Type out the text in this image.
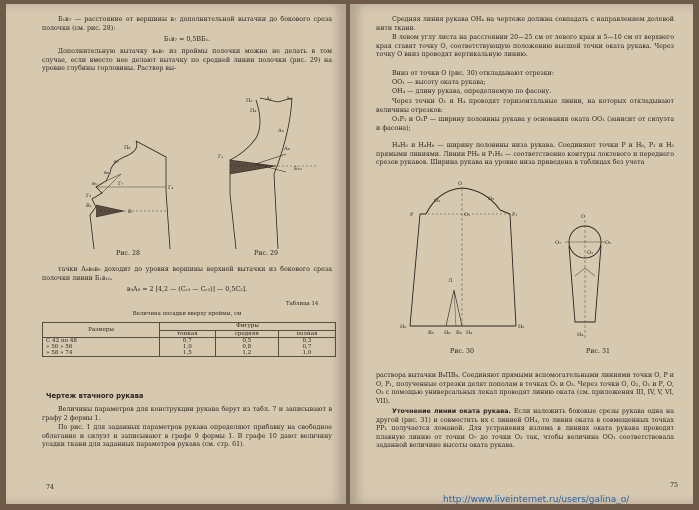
Б₁в₇ — расстояние от вершины в₇ дополнительной вытачки до бокового среза полочки (см. рис. 28):
Б₁в₇ = 0,5ВБ₁.
Дополнительную вытачку в₈в₇ из проймы полочки можно не делать в том случае, если вместо нее делают вытачку по средней линии полочки (рис. 29) на уровне глубины горловины. Раствор вы-
П₆
в₇
в₈
в₅
Г₃
В₁
В
Г₄
Г₇
Рис. 28
П₂	А₁	А₂
П₄
А₃
А₄
Г₁
Б₁₀
Рис. 29
тачки А₉в₉в₉ доходит до уровня вершины верхней вытачки из бокового среза полочки линии Б₁в₁₀.
в₉А₉ = 2 [4,2 — (Сᵣ₃ — Сᵣ₃)] — 0,5С₃].
Таблица 14
Величина посадки вверху проймы, см
Размеры	Фигуры		
	тонкая	средняя	полная
С 42 по 48	0,7	0,5	0,3
» 50 » 56	1,0	0,8	0,7
» 58 » 74	1,5	1,2	1,0
Чертеж втачного рукава
Величины параметров для конструкции рукава берут из табл. 7 и записывают в графу 2 формы 1.
По рис. 1 для заданных параметров рукава определяют прибавку на свободное облегание и силуэт и записывают в графе 9 формы 1. В графе 10 дают величину усадки ткани для заданных параметров рукава (см. стр. 61).
74
Средняя линия рукава ОН₄ на чертеже должна совпадать с направлением долевой нити ткани.
В левом углу листа на расстоянии 20—25 см от левого края и 5—10 см от верхнего края ставят точку О, соответствующую положению высшей точки оката рукава. Через точку О вниз проводят вертикальную линию.
Вниз от точки О (рис. 30) откладывают отрезки:
ОО₁ — высоту оката рукава;
ОН₄ — длину рукава, определяемую по фасону.
Через точки О₁ и Н₄ проводят горизонтальные линии, на которых откладывают величины отрезков:
О₁Р₁ и О₁Р — ширину половины рукава у основания оката ОО₁ (зависит от силуэта и фасона);
Н₄Н₅ и Н₄Н₆ — ширину половины низа рукава. Соединяют точки Р и Н₆, Р₁ и Н₅ прямыми линиями. Линии РН₆ и Р₁Н₅ — соответственно контуры локтевого и переднего срезов рукавов. Ширина рукава на уровне низа приведена в таблицах без учета
О
Р	Р₁
О₂	О₃
О₁
Л
Н₆	Н₅
В₈ Н₈ В₈ Н₄
Рис. 30
О
О₇	О₂
О₁
Н₄
Рис. 31
раствора вытачки В₈ПВ₈. Соединяют прямыми вспомогательными линиями точки О, Р и О, Р₁, полученные отрезки делят пополам в точках О₂ и О₃. Через точки О, О₂, О₁ и Р, О, О₃ с помощью универсальных лекал проводят линию оката (см. приложения III, IV, V, VI, VII).
Уточнение линии оката рукава. Если наложить боковые срезы рукава одна на другой (рис. 31) и совместить их с линией ОН₄, то линия оката в совмещенных точках РР₁ получается ломаной. Для устранения излома в линиях оката рукава проводят плавную линию от точки О₇ до точки О₃ так, чтобы величина ОО₁ соответствовала заданной величине высоты оката рукава.
75
http://www.liveinternet.ru/users/galina_o/
